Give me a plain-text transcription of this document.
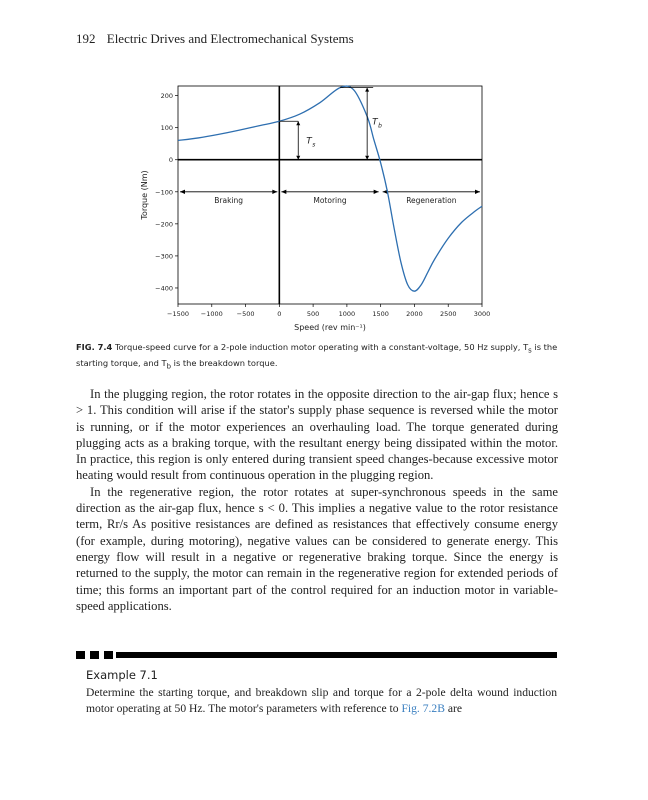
192 Electric Drives and Electromechanical Systems
200
100
0
−100
−200
−300
−400
−1500 −1000 −500	0	500	1000	1500	2000	2500	3000
Speed (rev min⁻¹)
Torque (Nm)	Braking	Motoring	Regeneration
T s
T b
FIG. 7.4 Torque-speed curve for a 2-pole induction motor operating with a constant-voltage, 50 Hz supply, $T_s$ is the starting torque, and $T_b$ is the breakdown torque.

In the plugging region, the rotor rotates in the opposite direction to the air-gap flux; hence s > 1. This condition will arise if the stator's supply phase sequence is reversed while the motor is running, or if the motor experiences an overhauling load. The torque generated during plugging acts as a braking torque, with the resultant energy being dissipated within the motor. In practice, this region is only entered during transient speed changes-because excessive motor heating would result from continuous operation in the plugging region.

In the regenerative region, the rotor rotates at super-synchronous speeds in the same direction as the air-gap flux, hence s < 0. This implies a negative value to the rotor resistance term, Rr/s As positive resistances are defined as resistances that effectively consume energy (for example, during motoring), negative values can be considered to generate energy. This energy flow will result in a negative or regenerative braking torque. Since the energy is returned to the supply, the motor can remain in the regenerative region for extended periods of time; this forms an important part of the control required for an induction motor in variable-speed applications.

Example 7.1
Determine the starting torque, and breakdown slip and torque for a 2-pole delta wound induction motor operating at 50 Hz. The motor's parameters with reference to Fig. 7.2B are
